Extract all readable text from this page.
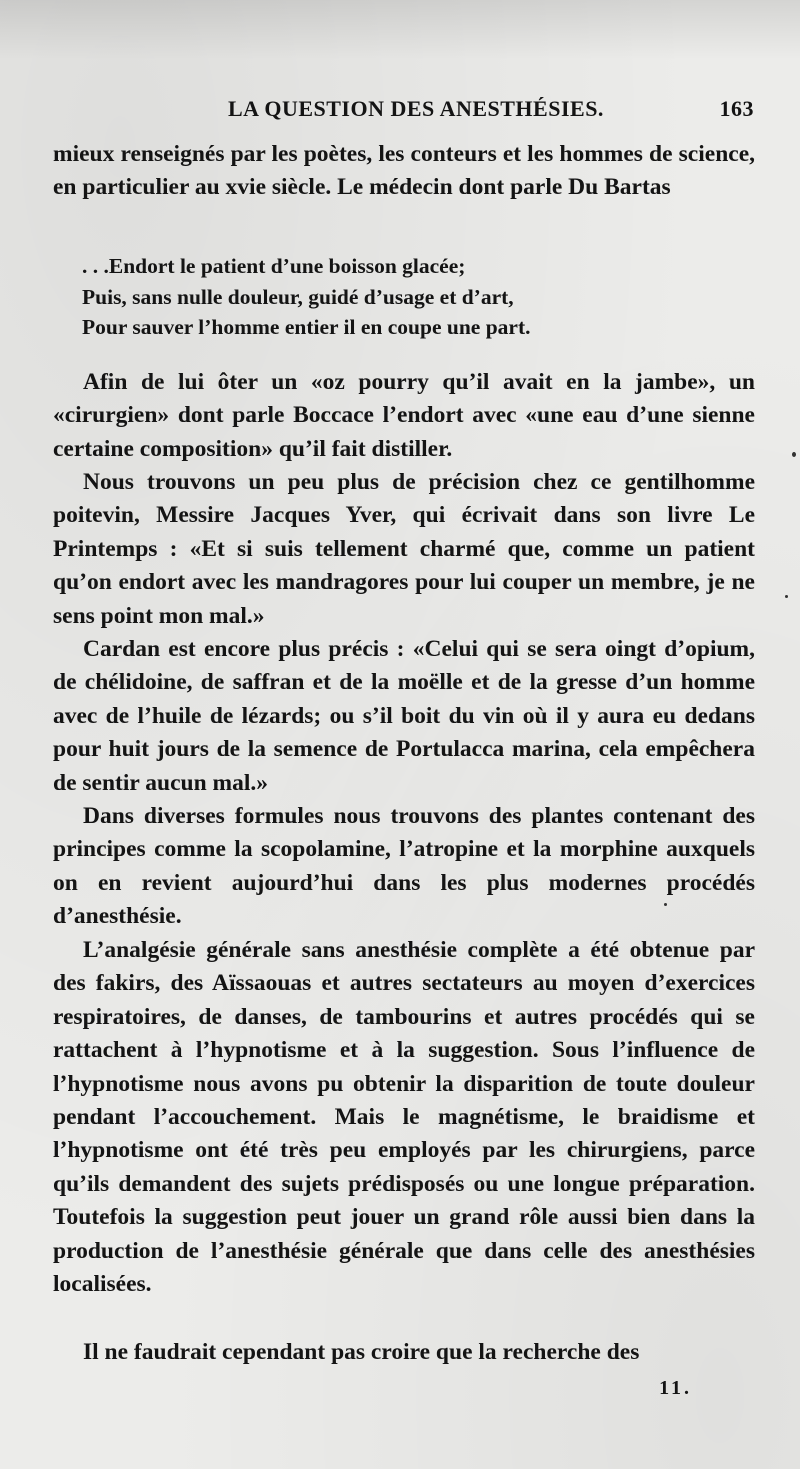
LA QUESTION DES ANESTHÉSIES.	163

mieux renseignés par les poètes, les conteurs et les hommes de science, en particulier au xvie siècle. Le médecin dont parle Du Bartas

. . .Endort le patient d’une boisson glacée;
Puis, sans nulle douleur, guidé d’usage et d’art,
Pour sauver l’homme entier il en coupe une part.

Afin de lui ôter un «oz pourry qu’il avait en la jambe», un «cirurgien» dont parle Boccace l’endort avec «une eau d’une sienne certaine composition» qu’il fait distiller.

Nous trouvons un peu plus de précision chez ce gentilhomme poitevin, Messire Jacques Yver, qui écrivait dans son livre Le Printemps : «Et si suis tellement charmé que, comme un patient qu’on endort avec les mandragores pour lui couper un membre, je ne sens point mon mal.»

Cardan est encore plus précis : «Celui qui se sera oingt d’opium, de chélidoine, de saffran et de la moëlle et de la gresse d’un homme avec de l’huile de lézards; ou s’il boit du vin où il y aura eu dedans pour huit jours de la semence de Portulacca marina, cela empêchera de sentir aucun mal.»

Dans diverses formules nous trouvons des plantes contenant des principes comme la scopolamine, l’atropine et la morphine auxquels on en revient aujourd’hui dans les plus modernes procédés d’anesthésie.

L’analgésie générale sans anesthésie complète a été obtenue par des fakirs, des Aïssaouas et autres sectateurs au moyen d’exercices respiratoires, de danses, de tambourins et autres procédés qui se rattachent à l’hypnotisme et à la suggestion. Sous l’influence de l’hypnotisme nous avons pu obtenir la disparition de toute douleur pendant l’accouchement. Mais le magnétisme, le braidisme et l’hypnotisme ont été très peu employés par les chirurgiens, parce qu’ils demandent des sujets prédisposés ou une longue préparation. Toutefois la suggestion peut jouer un grand rôle aussi bien dans la production de l’anesthésie générale que dans celle des anesthésies localisées.

Il ne faudrait cependant pas croire que la recherche des

11.
